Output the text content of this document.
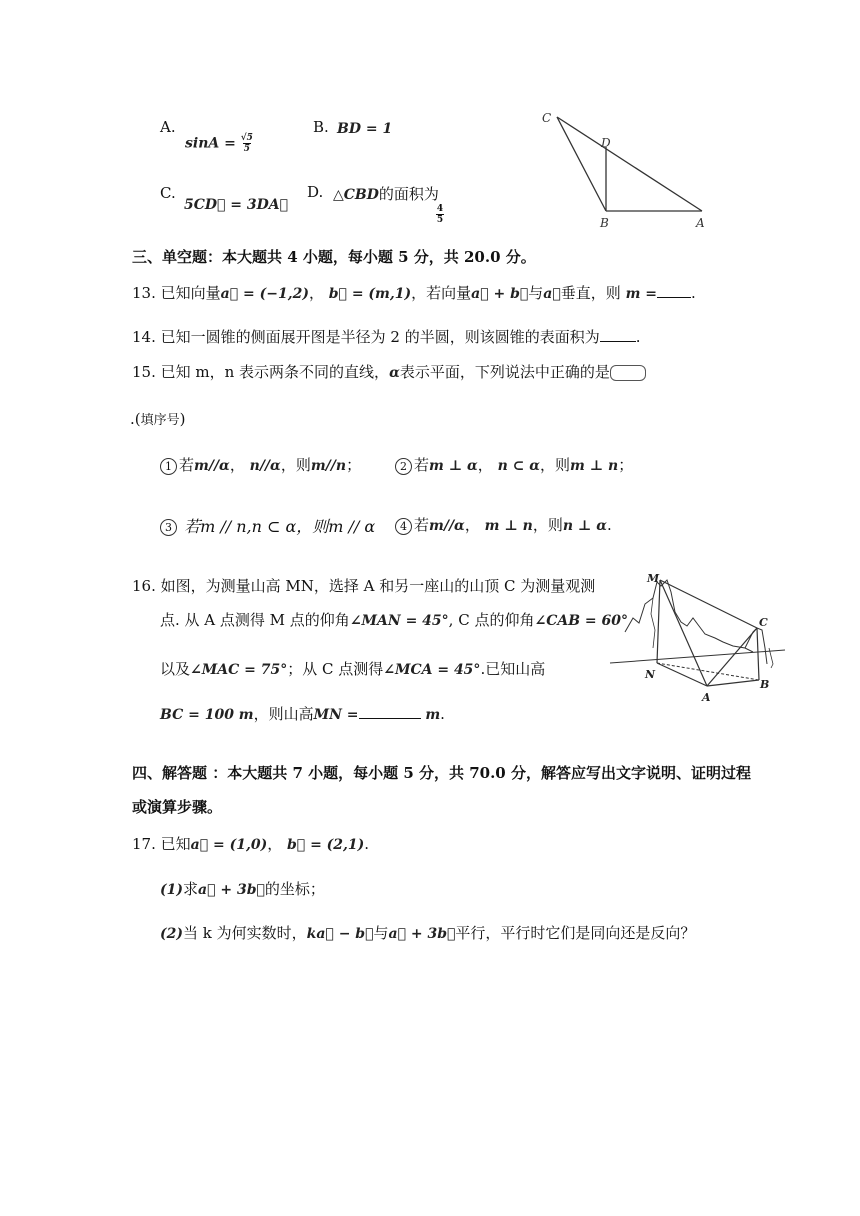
A.
$\sin A = \frac{√5}{5}$
B. BD = 1
C.
5CD⃗ = 3DA⃗
D. △CBD的面积为
$\frac{4}{5}$
C
D
B	A
三、单空题：本大题共 4 小题，每小题 5 分，共 20.0 分。
13. 已知向量a⃗ = (−1,2)， b⃗ = (m,1)，若向量a⃗ + b⃗与a⃗垂直，则 m = .
14. 已知一圆锥的侧面展开图是半径为 2 的半圆，则该圆锥的表面积为 .
15. 已知 m，n 表示两条不同的直线，α表示平面，下列说法中正确的是
.(填序号)
1 若m//α， n//α，则m//n；	2 若m ⊥ α， n ⊂ α，则m ⊥ n；
3 若m // n,n ⊂ α，则m // α	4 若m//α， m ⊥ n，则n ⊥ α.
16. 如图，为测量山高 MN，选择 A 和另一座山的山顶 C 为测量观测
点. 从 A 点测得 M 点的仰角∠MAN = 45°, C 点的仰角∠CAB = 60°
以及∠MAC = 75°；从 C 点测得∠MCA = 45°.已知山高
BC = 100 m，则山高MN =	m.
M
C
N
A
B
四、解答题 ：本大题共 7 小题，每小题 5 分，共 70.0 分，解答应写出文字说明、证明过程
或演算步骤。
17. 已知a⃗ = (1,0)， b⃗ = (2,1).
(1)求a⃗ + 3b⃗的坐标；
(2)当 k 为何实数时，ka⃗ − b⃗与a⃗ + 3b⃗平行，平行时它们是同向还是反向？
